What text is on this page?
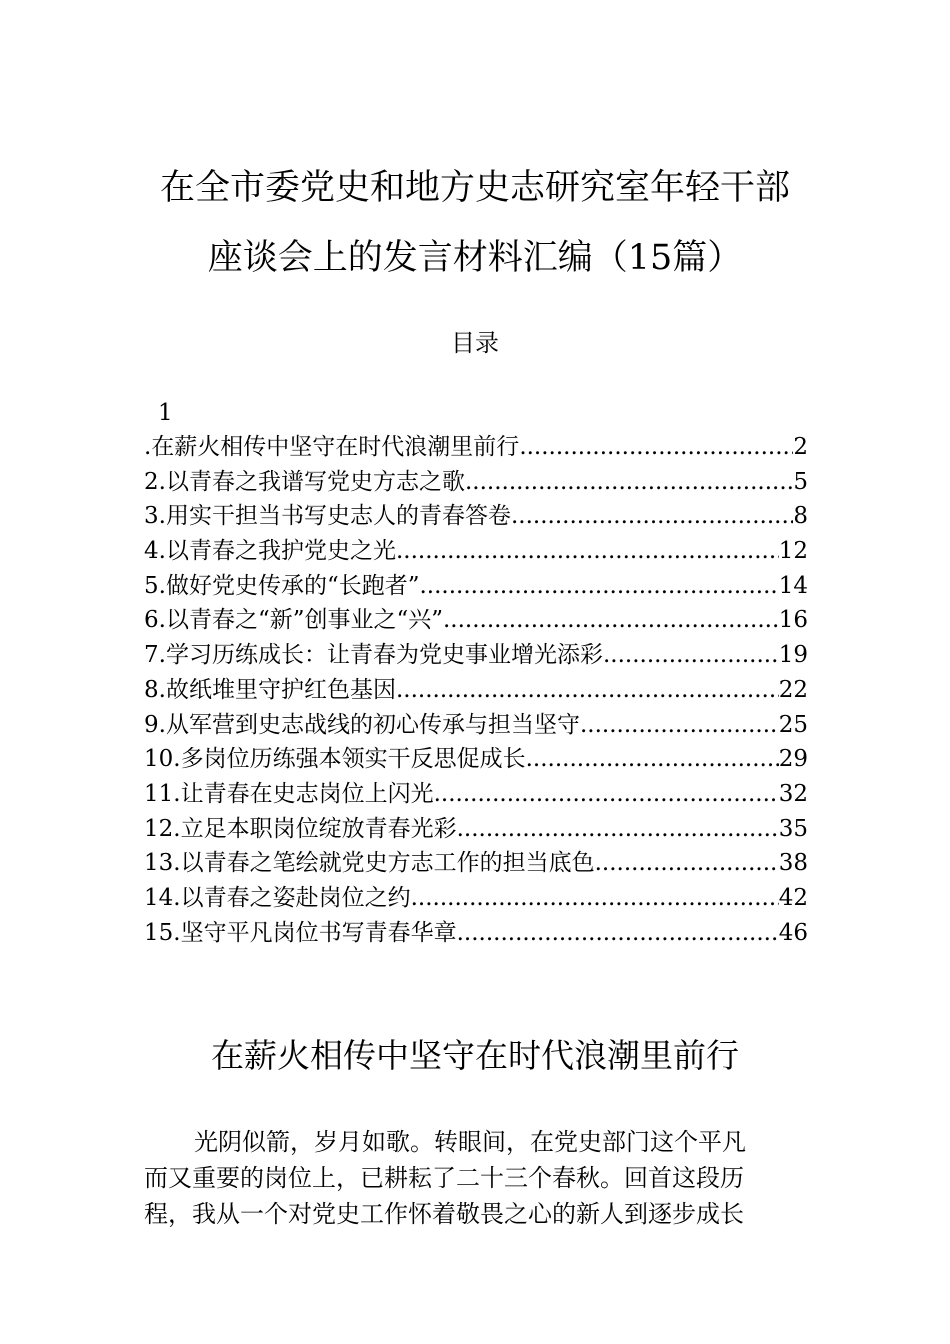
在全市委党史和地方史志研究室年轻干部
座谈会上的发言材料汇编（15篇）
目录
1
.在薪火相传中坚守在时代浪潮里前行 .....	2
2.以青春之我谱写党史方志之歌 .....	5
3.用实干担当书写史志人的青春答卷 .....	8
4.以青春之我护党史之光 .....	12
5.做好党史传承的“长跑者” .....	14
6.以青春之“新”创事业之“兴” .....	16
7.学习历练成长：让青春为党史事业增光添彩 .....	19
8.故纸堆里守护红色基因 .....	22
9.从军营到史志战线的初心传承与担当坚守 .....	25
10.多岗位历练强本领实干反思促成长 .....	29
11.让青春在史志岗位上闪光 .....	32
12.立足本职岗位绽放青春光彩 .....	35
13.以青春之笔绘就党史方志工作的担当底色 .....	38
14.以青春之姿赴岗位之约 .....	42
15.坚守平凡岗位书写青春华章 .....	46
在薪火相传中坚守在时代浪潮里前行
光阴似箭，岁月如歌。转眼间，在党史部门这个平凡
而又重要的岗位上，已耕耘了二十三个春秋。回首这段历
程，我从一个对党史工作怀着敬畏之心的新人到逐步成长
